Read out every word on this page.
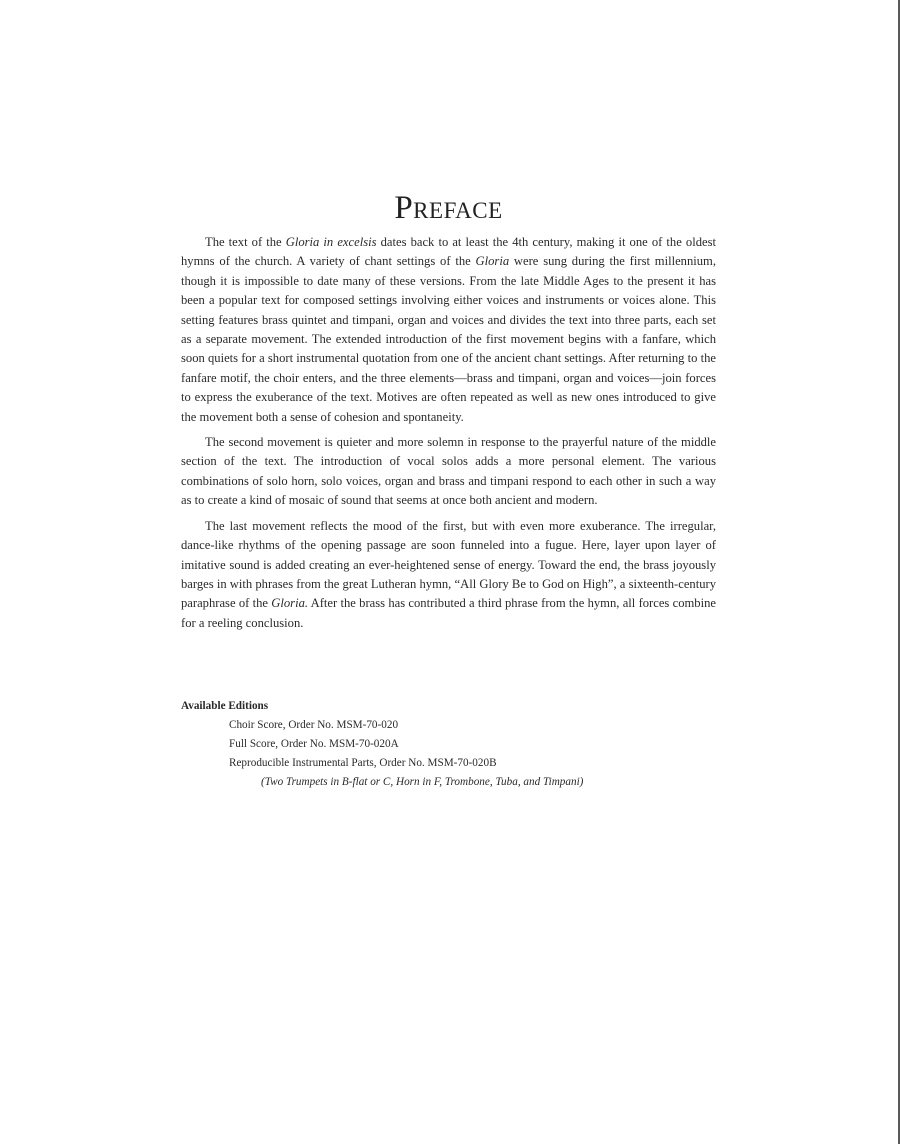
Preface

The text of the Gloria in excelsis dates back to at least the 4th century, making it one of the oldest hymns of the church. A variety of chant settings of the Gloria were sung during the first millennium, though it is impossible to date many of these versions. From the late Middle Ages to the present it has been a popular text for composed settings involving either voices and instruments or voices alone. This setting features brass quintet and timpani, organ and voices and divides the text into three parts, each set as a separate movement. The extended introduction of the first movement begins with a fanfare, which soon quiets for a short instrumental quotation from one of the ancient chant settings. After returning to the fanfare motif, the choir enters, and the three elements—brass and timpani, organ and voices—join forces to express the exuberance of the text. Motives are often repeated as well as new ones introduced to give the movement both a sense of cohesion and spontaneity.

The second movement is quieter and more solemn in response to the prayerful nature of the middle section of the text. The introduction of vocal solos adds a more personal element. The various combinations of solo horn, solo voices, organ and brass and timpani respond to each other in such a way as to create a kind of mosaic of sound that seems at once both ancient and modern.

The last movement reflects the mood of the first, but with even more exuberance. The irregular, dance-like rhythms of the opening passage are soon funneled into a fugue. Here, layer upon layer of imitative sound is added creating an ever-heightened sense of energy. Toward the end, the brass joyously barges in with phrases from the great Lutheran hymn, “All Glory Be to God on High”, a sixteenth-century paraphrase of the Gloria. After the brass has contributed a third phrase from the hymn, all forces combine for a reeling conclusion.

Available Editions
Choir Score, Order No. MSM-70-020
Full Score, Order No. MSM-70-020A
Reproducible Instrumental Parts, Order No. MSM-70-020B
(Two Trumpets in B-flat or C, Horn in F, Trombone, Tuba, and Timpani)
